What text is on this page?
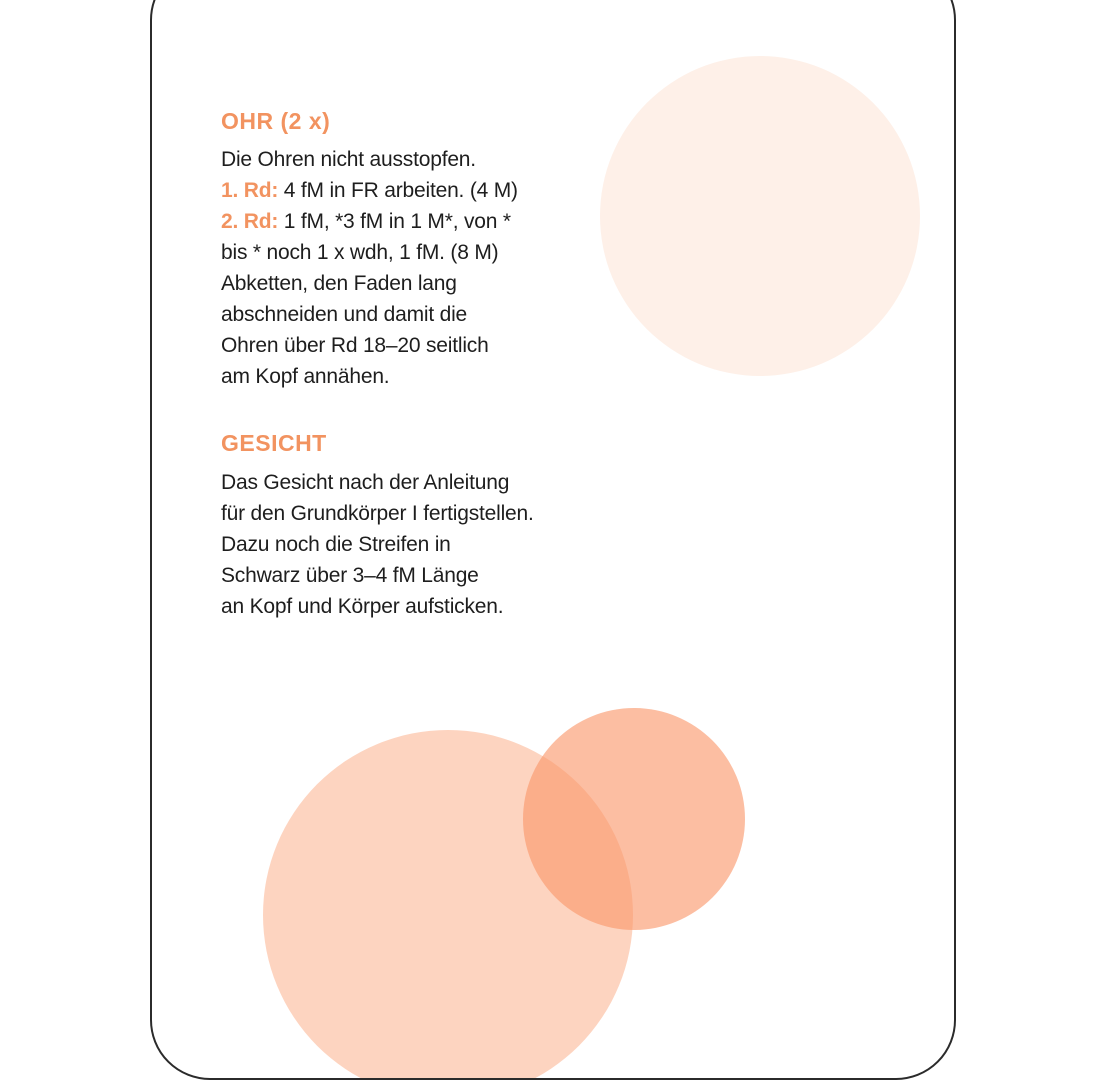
OHR (2 x)

Die Ohren nicht ausstopfen.
1. Rd: 4 fM in FR arbeiten. (4 M)
2. Rd: 1 fM, *3 fM in 1 M*, von *
bis * noch 1 x wdh, 1 fM. (8 M)
Abketten, den Faden lang
abschneiden und damit die
Ohren über Rd 18–20 seitlich
am Kopf annähen.

GESICHT

Das Gesicht nach der Anleitung
für den Grundkörper I fertigstellen.
Dazu noch die Streifen in
Schwarz über 3–4 fM Länge
an Kopf und Körper aufsticken.
